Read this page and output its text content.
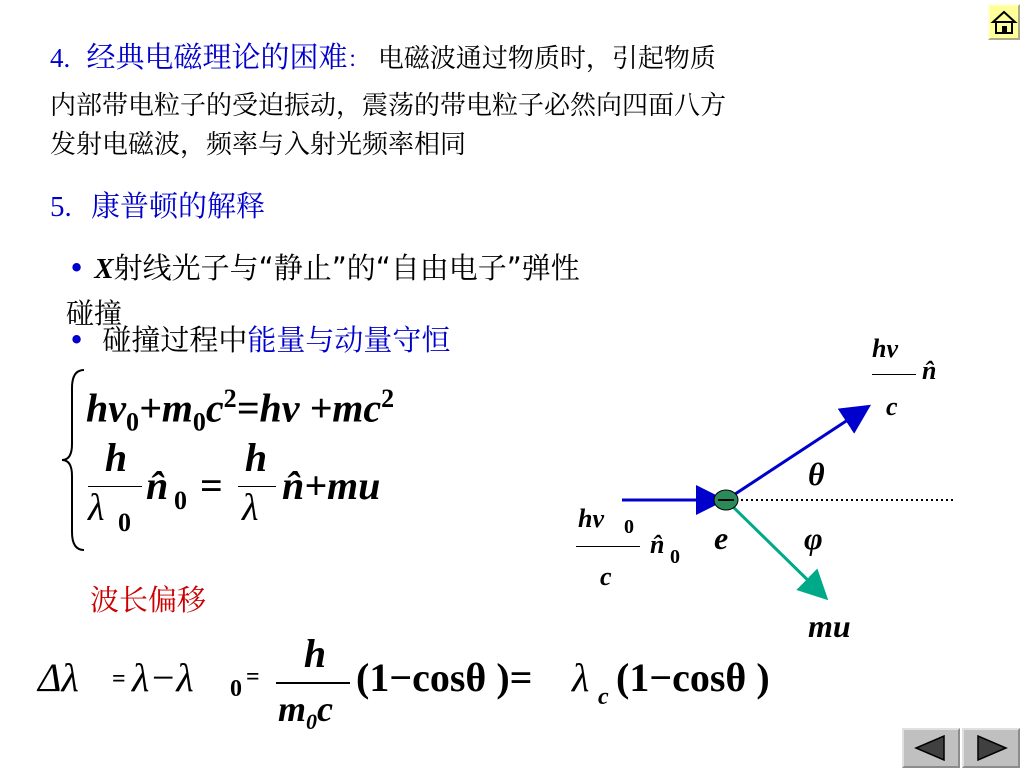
4. 经典电磁理论的困难： 电磁波通过物质时，引起物质
内部带电粒子的受迫振动，震荡的带电粒子必然向四面八方
发射电磁波，频率与入射光频率相同
5. 康普顿的解释
• X射线光子与“静止”的“自由电子”弹性
碰撞
• 碰撞过程中能量与动量守恒
$h\nu_0+m_0c^2=h\nu +mc^2$
h
λ 0
n̂ 0 =
h
λ n̂+mu⃗
hν
c
n̂
hν 0
c
n̂ 0
e
θ
φ
mu⃗
波长偏移
Δλ = λ−λ 0 =
h
$m_0c$
(1−cosθ )= λ c (1−cosθ )
